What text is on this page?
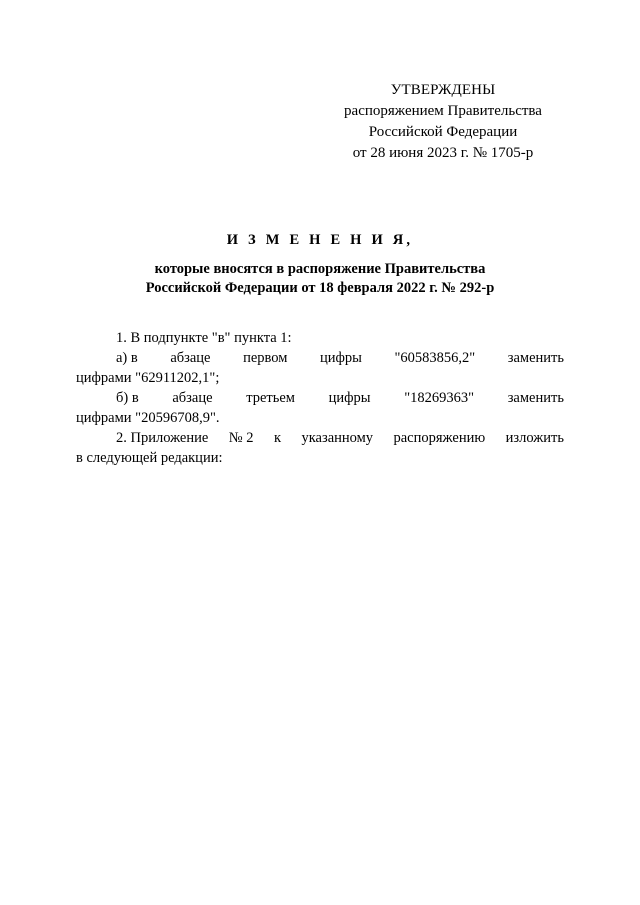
УТВЕРЖДЕНЫ
распоряжением Правительства
Российской Федерации
от 28 июня 2023 г. № 1705-р
И З М Е Н Е Н И Я,
которые вносятся в распоряжение Правительства
Российской Федерации от 18 февраля 2022 г. № 292-р
1. В подпункте "в" пункта 1:
а) в абзаце первом цифры "60583856,2" заменить
цифрами "62911202,1";
б) в абзаце третьем цифры "18269363" заменить
цифрами "20596708,9".
2. Приложение № 2 к указанному распоряжению изложить
в следующей редакции:
